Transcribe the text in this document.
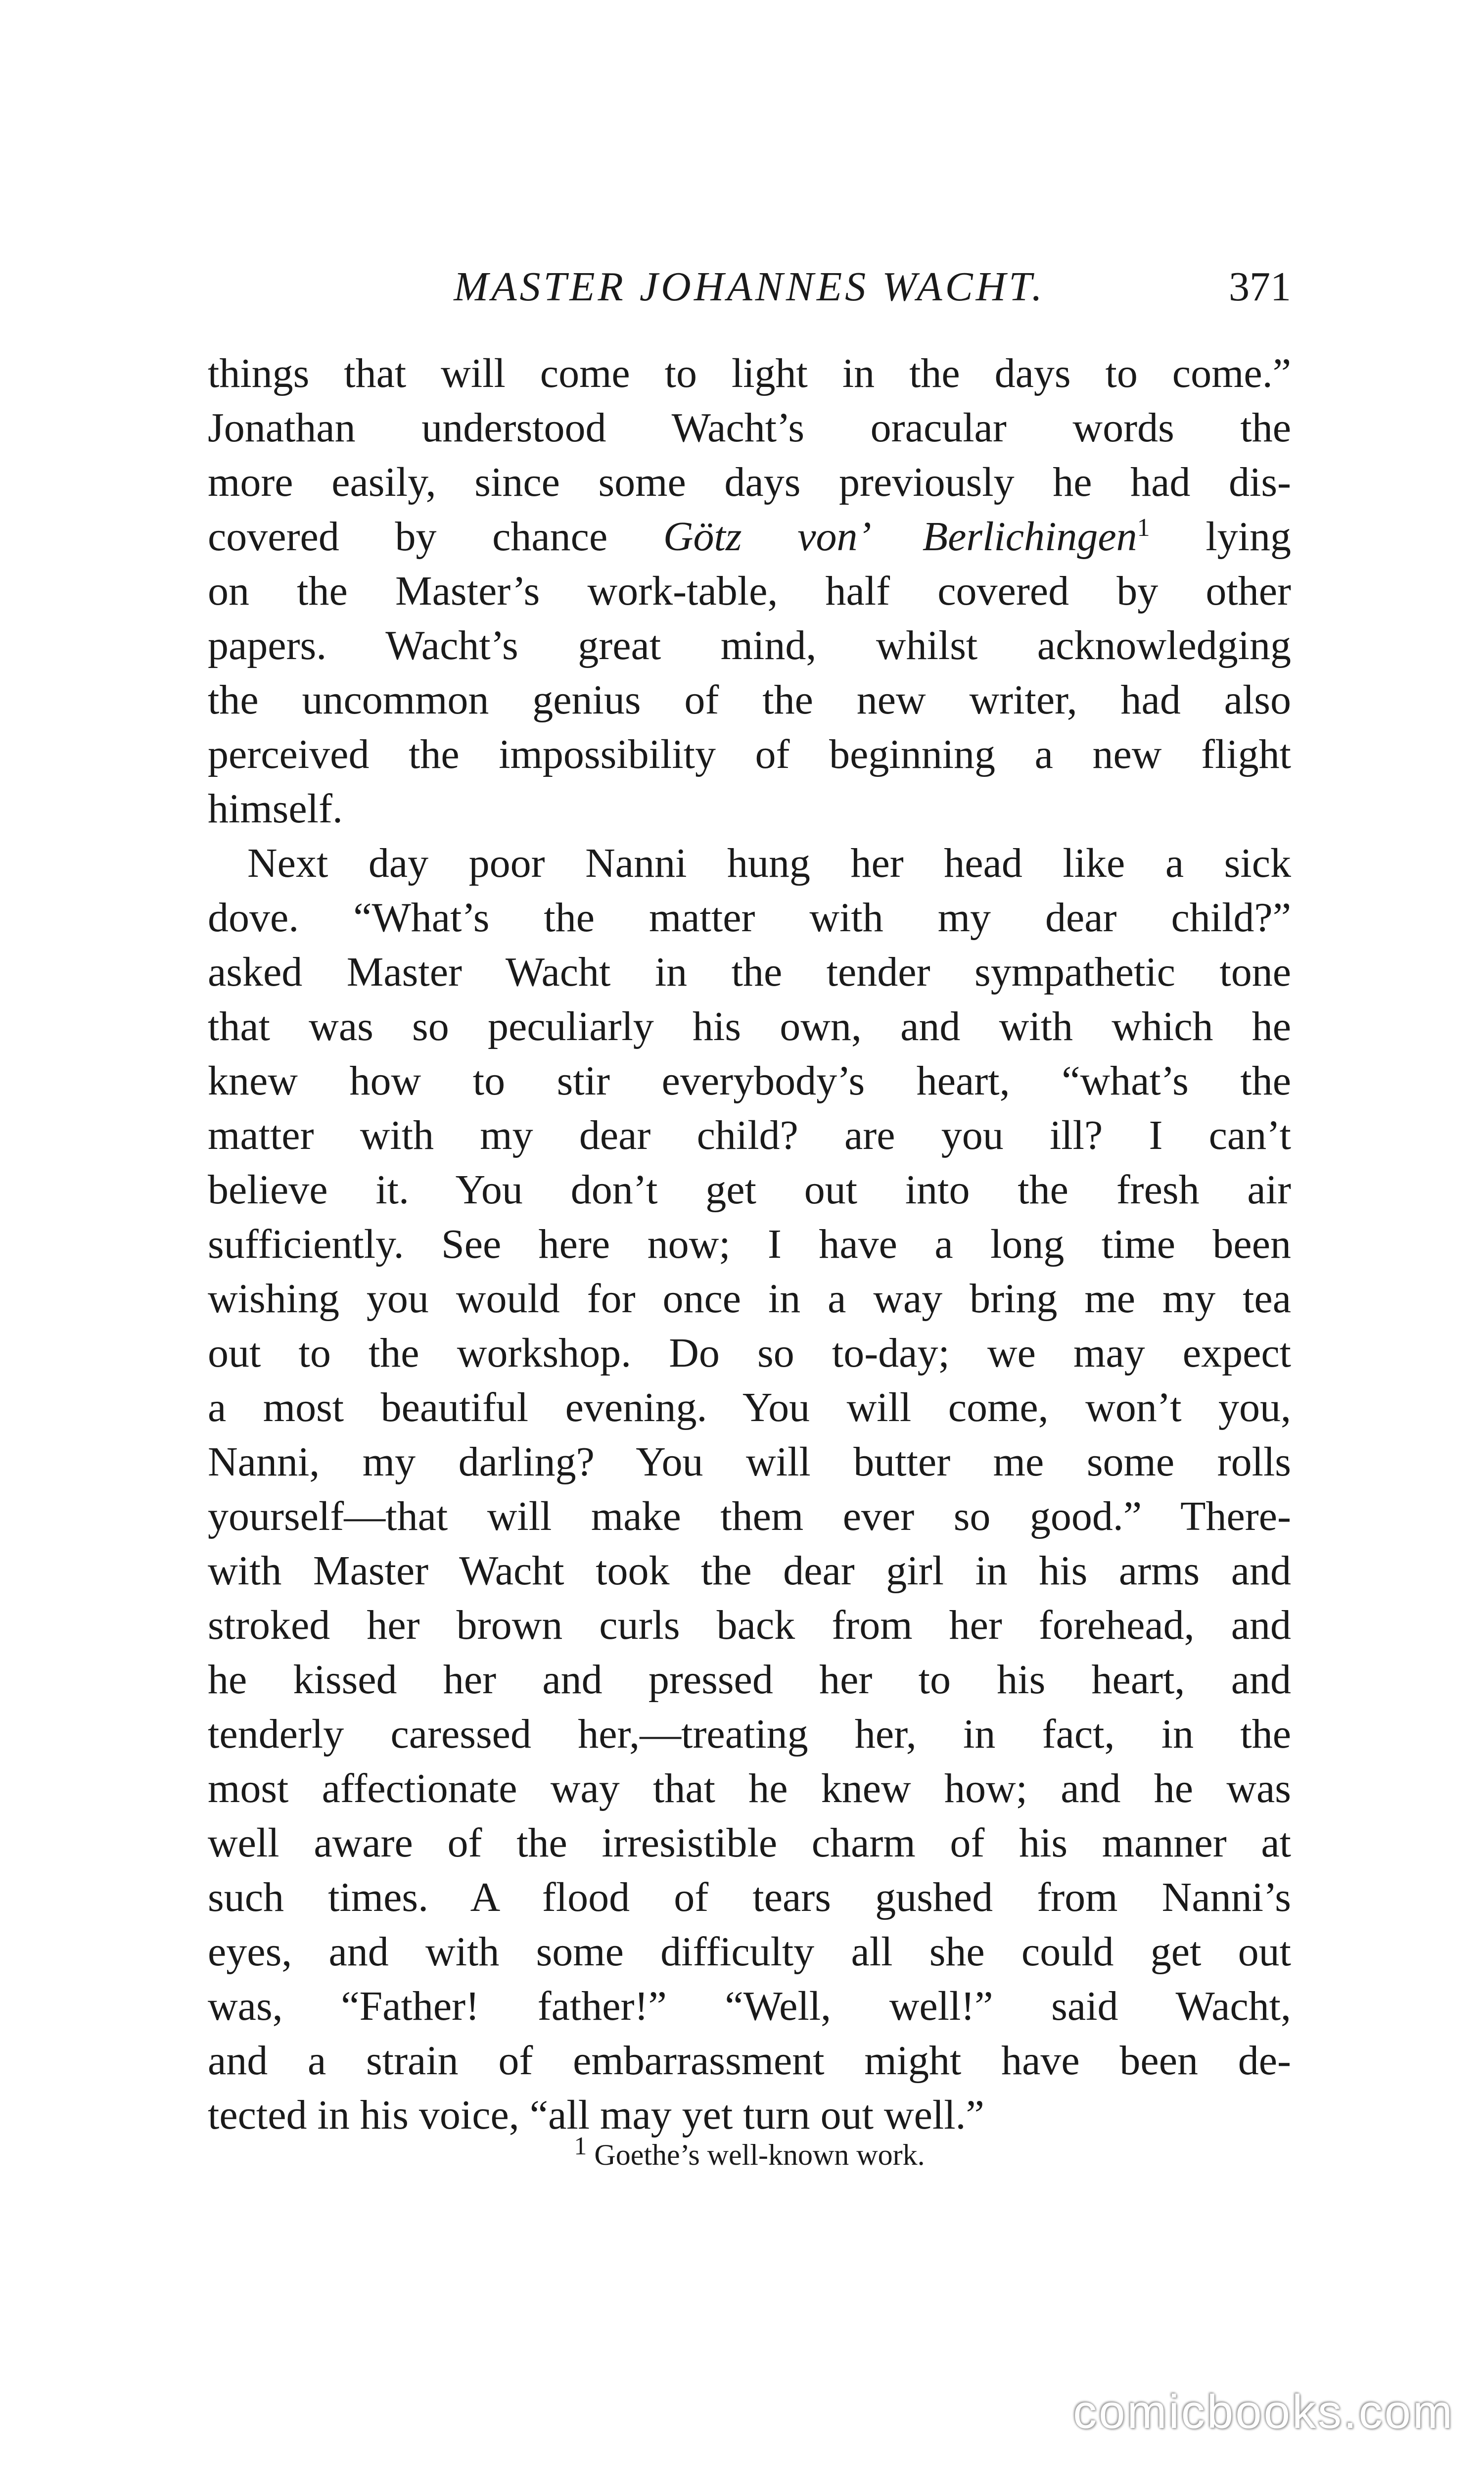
MASTER JOHANNES WACHT.	371
things that will come to light in the days to come.”
Jonathan understood Wacht’s oracular words the
more easily, since some days previously he had dis-
covered by chance Götz von’ Berlichingen$^1$ lying
on the Master’s work-table, half covered by other
papers. Wacht’s great mind, whilst acknowledging
the uncommon genius of the new writer, had also
perceived the impossibility of beginning a new flight
himself.
Next day poor Nanni hung her head like a sick
dove. “What’s the matter with my dear child?”
asked Master Wacht in the tender sympathetic tone
that was so peculiarly his own, and with which he
knew how to stir everybody’s heart, “what’s the
matter with my dear child? are you ill? I can’t
believe it. You don’t get out into the fresh air
sufficiently. See here now; I have a long time been
wishing you would for once in a way bring me my tea
out to the workshop. Do so to-day; we may expect
a most beautiful evening. You will come, won’t you,
Nanni, my darling? You will butter me some rolls
yourself—that will make them ever so good.” There-
with Master Wacht took the dear girl in his arms and
stroked her brown curls back from her forehead, and
he kissed her and pressed her to his heart, and
tenderly caressed her,—treating her, in fact, in the
most affectionate way that he knew how; and he was
well aware of the irresistible charm of his manner at
such times. A flood of tears gushed from Nanni’s
eyes, and with some difficulty all she could get out
was, “Father! father!” “Well, well!” said Wacht,
and a strain of embarrassment might have been de-
tected in his voice, “all may yet turn out well.”
1 Goethe’s well-known work.
comicbooks.com
